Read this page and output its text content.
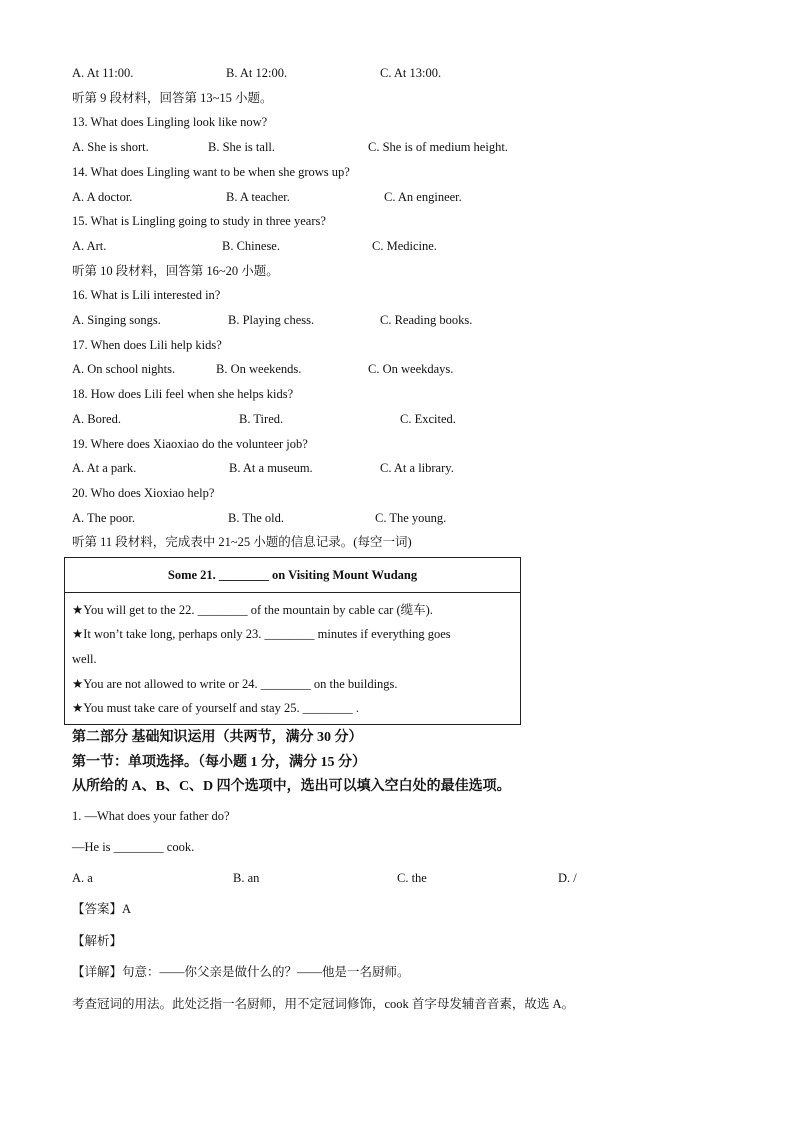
A. At 11:00.	B. At 12:00.	C. At 13:00.
听第 9 段材料，回答第 13~15 小题。
13. What does Lingling look like now?
A. She is short.	B. She is tall.	C. She is of medium height.
14. What does Lingling want to be when she grows up?
A. A doctor.	B. A teacher.	C. An engineer.
15. What is Lingling going to study in three years?
A. Art.	B. Chinese.	C. Medicine.
听第 10 段材料，回答第 16~20 小题。
16. What is Lili interested in?
A. Singing songs.	B. Playing chess.	C. Reading books.
17. When does Lili help kids?
A. On school nights.	B. On weekends.	C. On weekdays.
18. How does Lili feel when she helps kids?
A. Bored.	B. Tired.	C. Excited.
19. Where does Xiaoxiao do the volunteer job?
A. At a park.	B. At a museum.	C. At a library.
20. Who does Xioxiao help?
A. The poor.	B. The old.	C. The young.
听第 11 段材料，完成表中 21~25 小题的信息记录。(每空一词)
Some 21. ________ on Visiting Mount Wudang
★You will get to the 22. ________ of the mountain by cable car (缆车).
★It won’t take long, perhaps only 23. ________ minutes if everything goes
well.
★You are not allowed to write or 24. ________ on the buildings.
★You must take care of yourself and stay 25. ________ .
第二部分 基础知识运用（共两节，满分 30 分）
第一节：单项选择。（每小题 1 分，满分 15 分）
从所给的 A、B、C、D 四个选项中，选出可以填入空白处的最佳选项。
1. —What does your father do?
—He is ________ cook.
A. a	B. an	C. the	D. /
【答案】A
【解析】
【详解】句意：——你父亲是做什么的？——他是一名厨师。
考查冠词的用法。此处泛指一名厨师，用不定冠词修饰，cook 首字母发辅音音素，故选 A。
